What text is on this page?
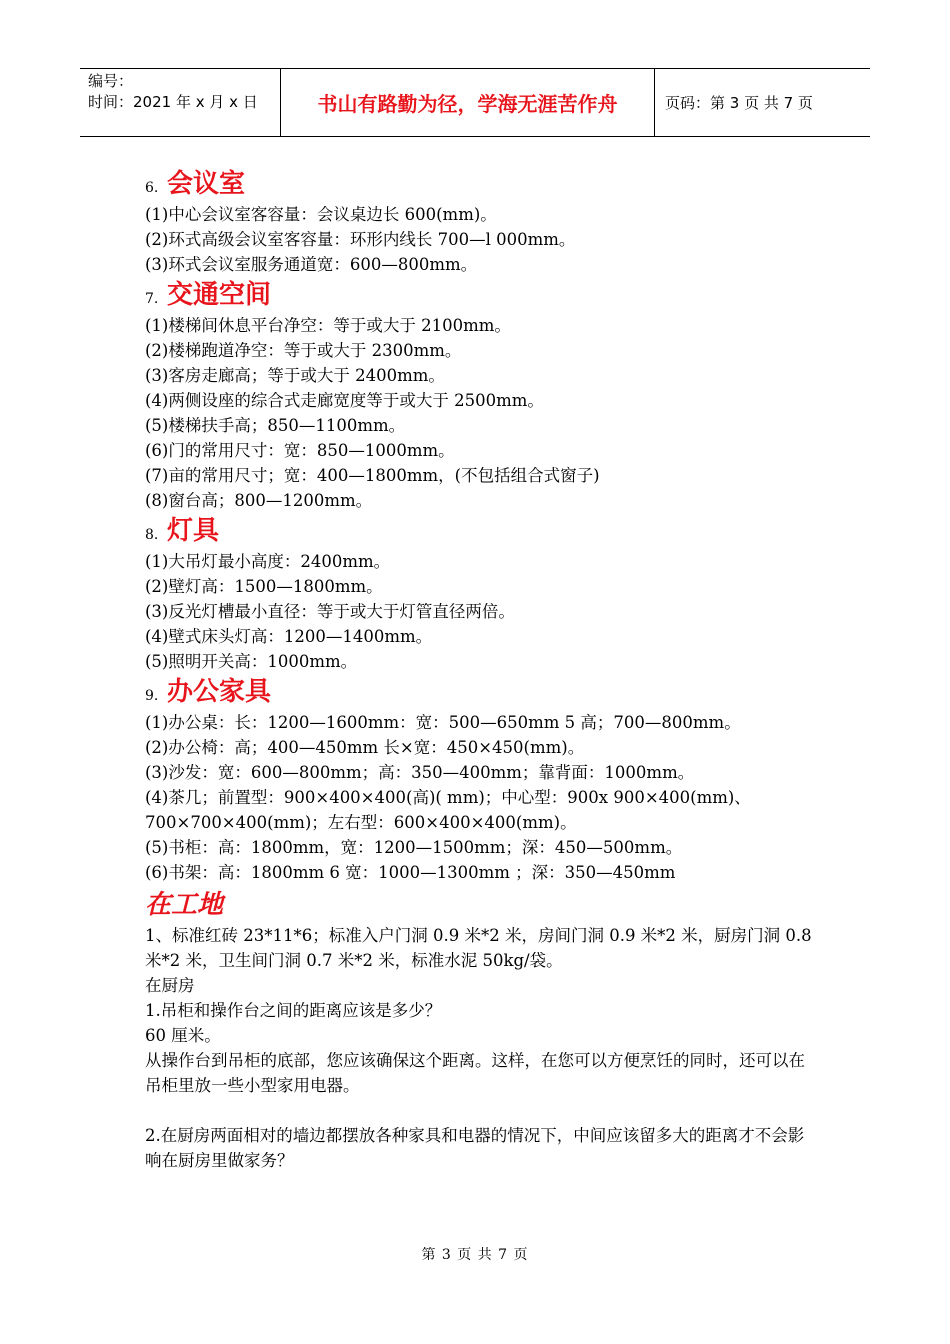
编号：
时间：2021 年 x 月 x 日	书山有路勤为径，学海无涯苦作舟	页码：第 3 页 共 7 页
6. 会议室

(1)中心会议室客容量：会议桌边长 600(mm)。

(2)环式高级会议室客容量：环形内线长 700—l 000mm。

(3)环式会议室服务通道宽：600—800mm。

7. 交通空间

(1)楼梯间休息平台净空：等于或大于 2100mm。

(2)楼梯跑道净空：等于或大于 2300mm。

(3)客房走廊高；等于或大于 2400mm。

(4)两侧设座的综合式走廊宽度等于或大于 2500mm。

(5)楼梯扶手高；850—1100mm。

(6)门的常用尺寸：宽：850—1000mm。

(7)亩的常用尺寸；宽：400—1800mm，(不包括组合式窗子)

(8)窗台高；800—1200mm。

8. 灯具

(1)大吊灯最小高度：2400mm。

(2)壁灯高：1500—1800mm。

(3)反光灯槽最小直径：等于或大于灯管直径两倍。

(4)壁式床头灯高：1200—1400mm。

(5)照明开关高：1000mm。

9. 办公家具

(1)办公桌：长：1200—1600mm：宽：500—650mm 5 高；700—800mm。

(2)办公椅：高；400—450mm 长×宽：450×450(mm)。

(3)沙发：宽：600—800mm；高：350—400mm；靠背面：1000mm。

(4)茶几；前置型：900×400×400(高)( mm)；中心型：900x 900×400(mm)、

700×700×400(mm)；左右型：600×400×400(mm)。

(5)书柜：高：1800mm，宽：1200—1500mm；深：450—500mm。

(6)书架：高：1800mm 6 宽：1000—1300mm ；深：350—450mm

在工地

1、标准红砖 23*11*6；标准入户门洞 0.9 米*2 米，房间门洞 0.9 米*2 米，厨房门洞 0.8 米*2 米，卫生间门洞 0.7 米*2 米，标准水泥 50kg/袋。

在厨房

1.吊柜和操作台之间的距离应该是多少？

60 厘米。

从操作台到吊柜的底部，您应该确保这个距离。这样，在您可以方便烹饪的同时，还可以在吊柜里放一些小型家用电器。

2.在厨房两面相对的墙边都摆放各种家具和电器的情况下，中间应该留多大的距离才不会影响在厨房里做家务？

第 3 页 共 7 页
